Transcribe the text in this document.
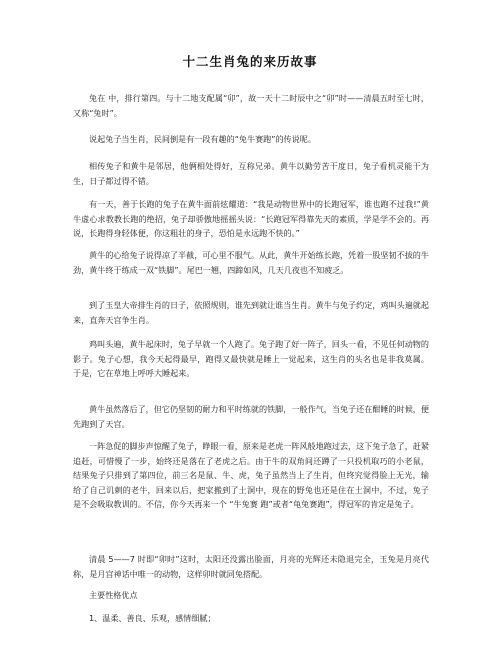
十二生肖兔的来历故事

兔在 中，排行第四。与十二地支配属“卯”，故一天十二时辰中之“卯”时——清晨五时至七时，又称“兔时”。

说起兔子当生肖，民间倒是有一段有趣的“兔牛赛跑”的传说呢。

相传兔子和黄牛是邻居，他俩相处得好，互称兄弟。黄牛以勤劳苦干度日，兔子看机灵能干为生，日子都过得不错。

有一天，善于长跑的兔子在黄牛面前炫耀道：“我是动物世界中的长跑冠军，谁也跑不过我!”黄牛虚心求教教长跑的绝招，兔子却骄傲地摇摇头说：“长跑冠军得靠先天的素质，学是学不会的。再说，长跑得身轻体便，你这粗壮的身子，恐怕是永远跑不快的。”

黄牛的心给兔子说得凉了半截，可心里不服气。从此，黄牛开始练长跑，凭着一股坚韧不拔的牛劲，黄牛终于练成一双“铁脚”。尾巴一翘，四蹄如风，几天几夜也不知疲乏。

到了玉皇大帝排生肖的日子，依照规则，谁先到就让谁当生肖。黄牛与兔子约定，鸡叫头遍就起来，直奔天宫争生肖。

鸡叫头遍，黄牛起床时，兔子早就一个人跑了。兔子跑了好一阵子，回头一看，不见任何动物的影子。兔子心想，我今天起得最早，跑得又最快就是睡上一觉起来，这生肖的头名也是非我莫属。于是，它在草地上呼呼大睡起来。

黄牛虽然落后了，但它仍坚韧的耐力和平时练就的铁脚，一般作气，当兔子还在酣睡的时候，便先跑到了天宫。

一阵急促的脚步声惊醒了兔子，睁眼一看，原来是老虎一阵风般地跑过去，这下兔子急了，赶紧追赶，可惜慢了一步，始终还是落在了老虎之后。由于牛的双角间还蹲了一只投机取巧的小老鼠，结果兔子只排到了第四位，前三名是鼠、牛、虎，兔子虽然当上了生肖，但终究觉得脸上无光，输给了自己讥刺的老牛，回来以后，把家搬到了土洞中，现在的野兔也还是住在土洞中，不过，兔子是不会吸取教训的。不信，你今天再来一个 “牛兔赛 跑”或者“龟兔赛跑”，得冠军的肯定是兔子。

清晨 5——7 时即“卯时”这时，太阳还没露出脸面，月亮的光辉还未隐退完全，玉兔是月亮代称，是月宫神话中唯一的动物，这样卯时就同兔搭配。

主要性格优点

1、温柔、善良、乐观，感情细腻；
